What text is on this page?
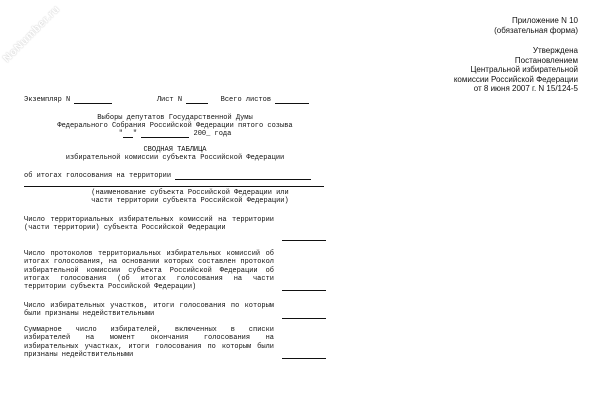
NoNumber.ru	Приложение N 10
(обязательная форма)
Утверждена
Постановлением
Центральной избирательной
комиссии Российской Федерации
от 8 июня 2007 г. N 15/124-5
Экземпляр N	Лист N	Всего листов
Выборы депутатов Государственной Думы
Федерального Собрания Российской Федерации пятого созыва
" "	200_ года
СВОДНАЯ ТАБЛИЦА
избирательной комиссии субъекта Российской Федерации
об итогах голосования на территории
(наименование субъекта Российской Федерации или
части территории субъекта Российской Федерации)
Число территориальных избирательных комиссий на территории (части территории) субъекта Российской Федерации
Число протоколов территориальных избирательных комиссий об итогах голосования, на основании которых составлен протокол избирательной комиссии субъекта Российской Федерации об итогах голосования (об итогах голосования на части территории субъекта Российской Федерации)
Число избирательных участков, итоги голосования по которым были признаны недействительными
Суммарное число избирателей, включенных в списки избирателей на момент окончания голосования на избирательных участках, итоги голосования по которым были признаны недействительными
